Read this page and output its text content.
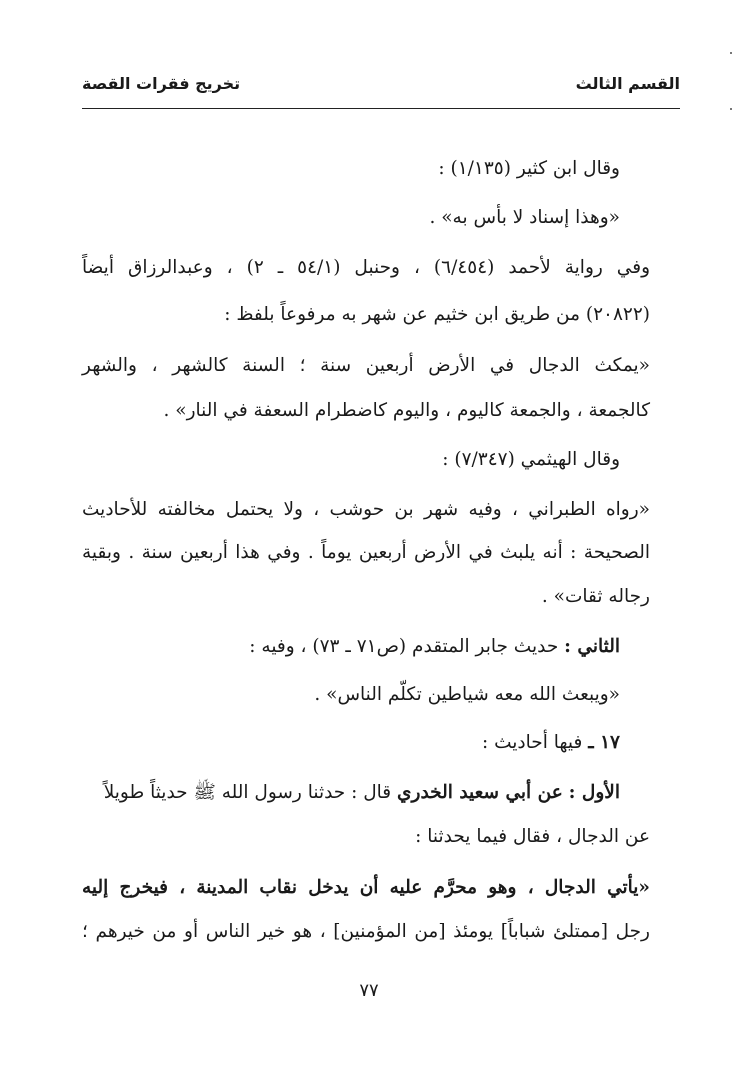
القسم الثالث
تخريج فقرات القصة
وقال ابن كثير (١/١٣٥) :
«وهذا إسناد لا بأس به» .
وفي رواية لأحمد (٦/٤٥٤) ، وحنبل (٥٤/١ ـ ٢) ، وعبدالرزاق أيضاً
(٢٠٨٢٢) من طريق ابن خثيم عن شهر به مرفوعاً بلفظ :
«يمكث الدجال في الأرض أربعين سنة ؛ السنة كالشهر ، والشهر
كالجمعة ، والجمعة كاليوم ، واليوم كاضطرام السعفة في النار» .
وقال الهيثمي (٧/٣٤٧) :
«رواه الطبراني ، وفيه شهر بن حوشب ، ولا يحتمل مخالفته للأحاديث
الصحيحة : أنه يلبث في الأرض أربعين يوماً . وفي هذا أربعين سنة . وبقية
رجاله ثقات» .
الثاني : حديث جابر المتقدم (ص٧١ ـ ٧٣) ، وفيه :
«ويبعث الله معه شياطين تكلّم الناس» .
١٧ ـ فيها أحاديث :
الأول : عن أبي سعيد الخدري قال : حدثنا رسول الله ﷺ حديثاً طويلاً
عن الدجال ، فقال فيما يحدثنا :
«يأتي الدجال ، وهو محرَّم عليه أن يدخل نقاب المدينة ، فيخرج إليه
رجل [ممتلئ شباباً] يومئذ [من المؤمنين] ، هو خير الناس أو من خيرهم ؛
٧٧
